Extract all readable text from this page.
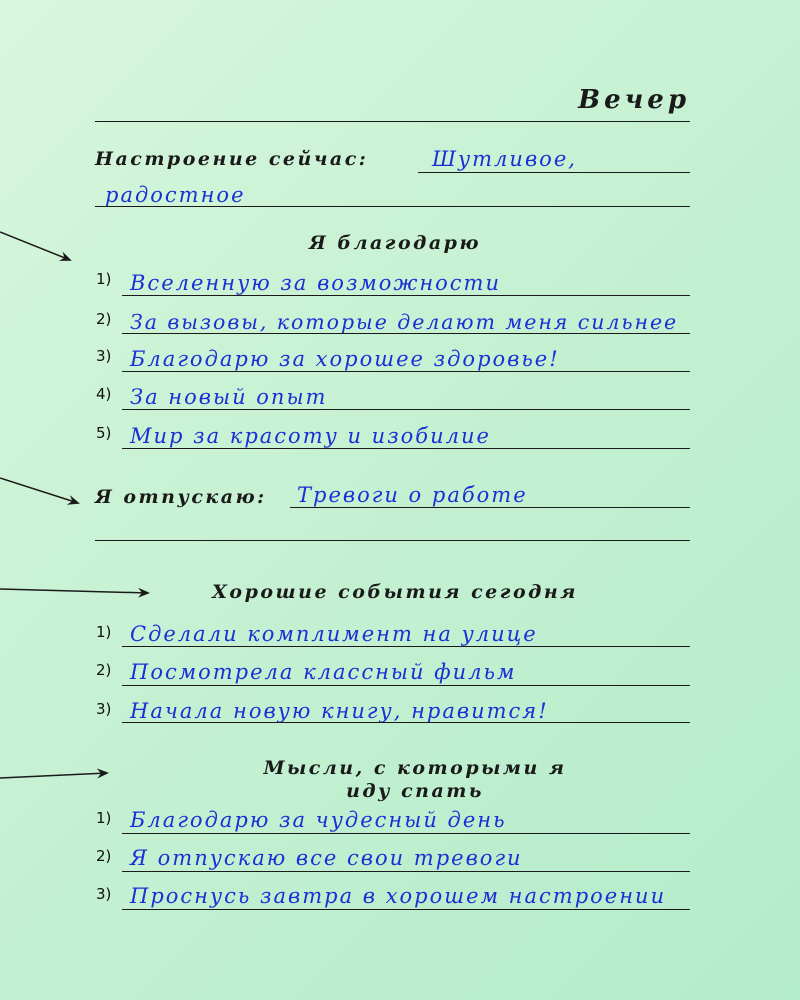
Вечер
Настроение сейчас:	Шутливое,
радостное
Я благодарю
1) Вселенную за возможности
2) За вызовы, которые делают меня сильнее
3) Благодарю за хорошее здоровье!
4) За новый опыт
5) Мир за красоту и изобилие
Я отпускаю: Тревоги о работе
Хорошие события сегодня
1) Сделали комплимент на улице
2) Посмотрела классный фильм
3) Начала новую книгу, нравится!
Мысли, с которыми я
иду спать
1) Благодарю за чудесный день
2) Я отпускаю все свои тревоги
3) Проснусь завтра в хорошем настроении
